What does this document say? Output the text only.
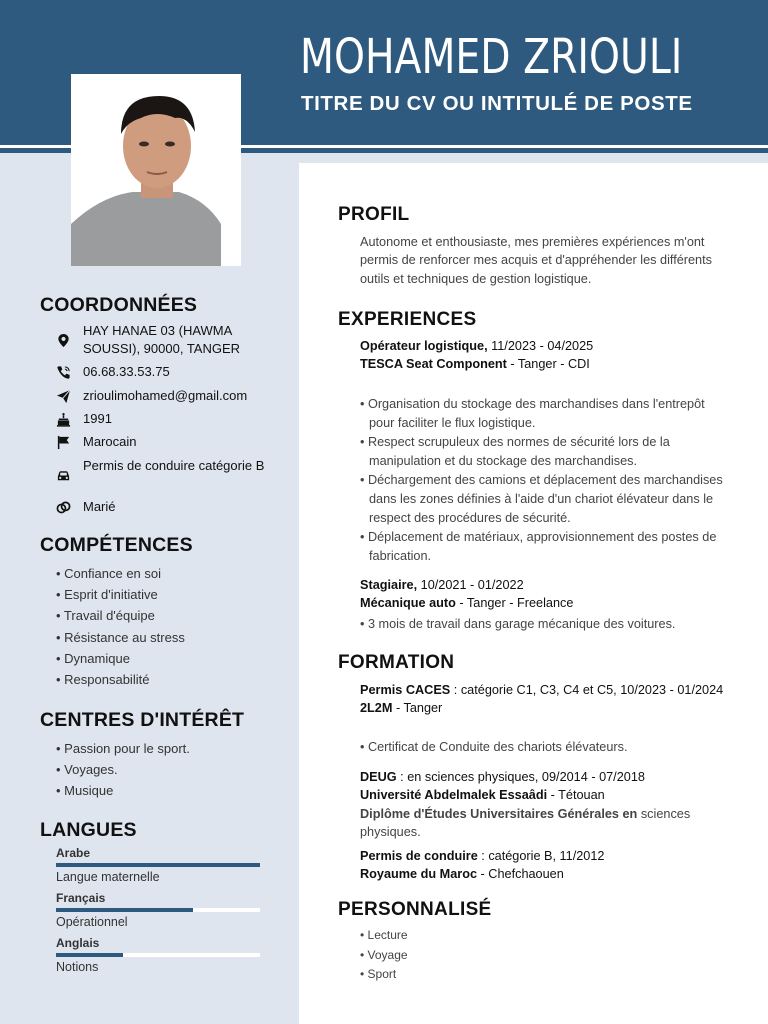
MOHAMED ZRIOULI
TITRE DU CV OU INTITULÉ DE POSTE
COORDONNÉES
HAY HANAE 03 (HAWMA SOUSSI), 90000, TANGER
06.68.33.53.75
zrioulimohamed@gmail.com
1991
Marocain
Permis de conduire catégorie B
Marié
COMPÉTENCES
• Confiance en soi
• Esprit d'initiative
• Travail d'équipe
• Résistance au stress
• Dynamique
• Responsabilité
CENTRES D'INTÉRÊT
• Passion pour le sport.
• Voyages.
• Musique
LANGUES
Arabe
Langue maternelle
Français
Opérationnel
Anglais
Notions
PROFIL
Autonome et enthousiaste, mes premières expériences m'ont permis de renforcer mes acquis et d'appréhender les différents outils et techniques de gestion logistique.
EXPERIENCES
Opérateur logistique, 11/2023 - 04/2025
TESCA Seat Component - Tanger - CDI
• Organisation du stockage des marchandises dans l'entrepôt pour faciliter le flux logistique.
• Respect scrupuleux des normes de sécurité lors de la manipulation et du stockage des marchandises.
• Déchargement des camions et déplacement des marchandises dans les zones définies à l'aide d'un chariot élévateur dans le respect des procédures de sécurité.
• Déplacement de matériaux, approvisionnement des postes de fabrication.
Stagiaire, 10/2021 - 01/2022
Mécanique auto - Tanger - Freelance
• 3 mois de travail dans garage mécanique des voitures.
FORMATION
Permis CACES : catégorie C1, C3, C4 et C5, 10/2023 - 01/2024
2L2M - Tanger
• Certificat de Conduite des chariots élévateurs.
DEUG : en sciences physiques, 09/2014 - 07/2018
Université Abdelmalek Essaâdi - Tétouan
Diplôme d'Études Universitaires Générales en sciences physiques.
Permis de conduire : catégorie B, 11/2012
Royaume du Maroc - Chefchaouen
PERSONNALISÉ
• Lecture
• Voyage
• Sport
